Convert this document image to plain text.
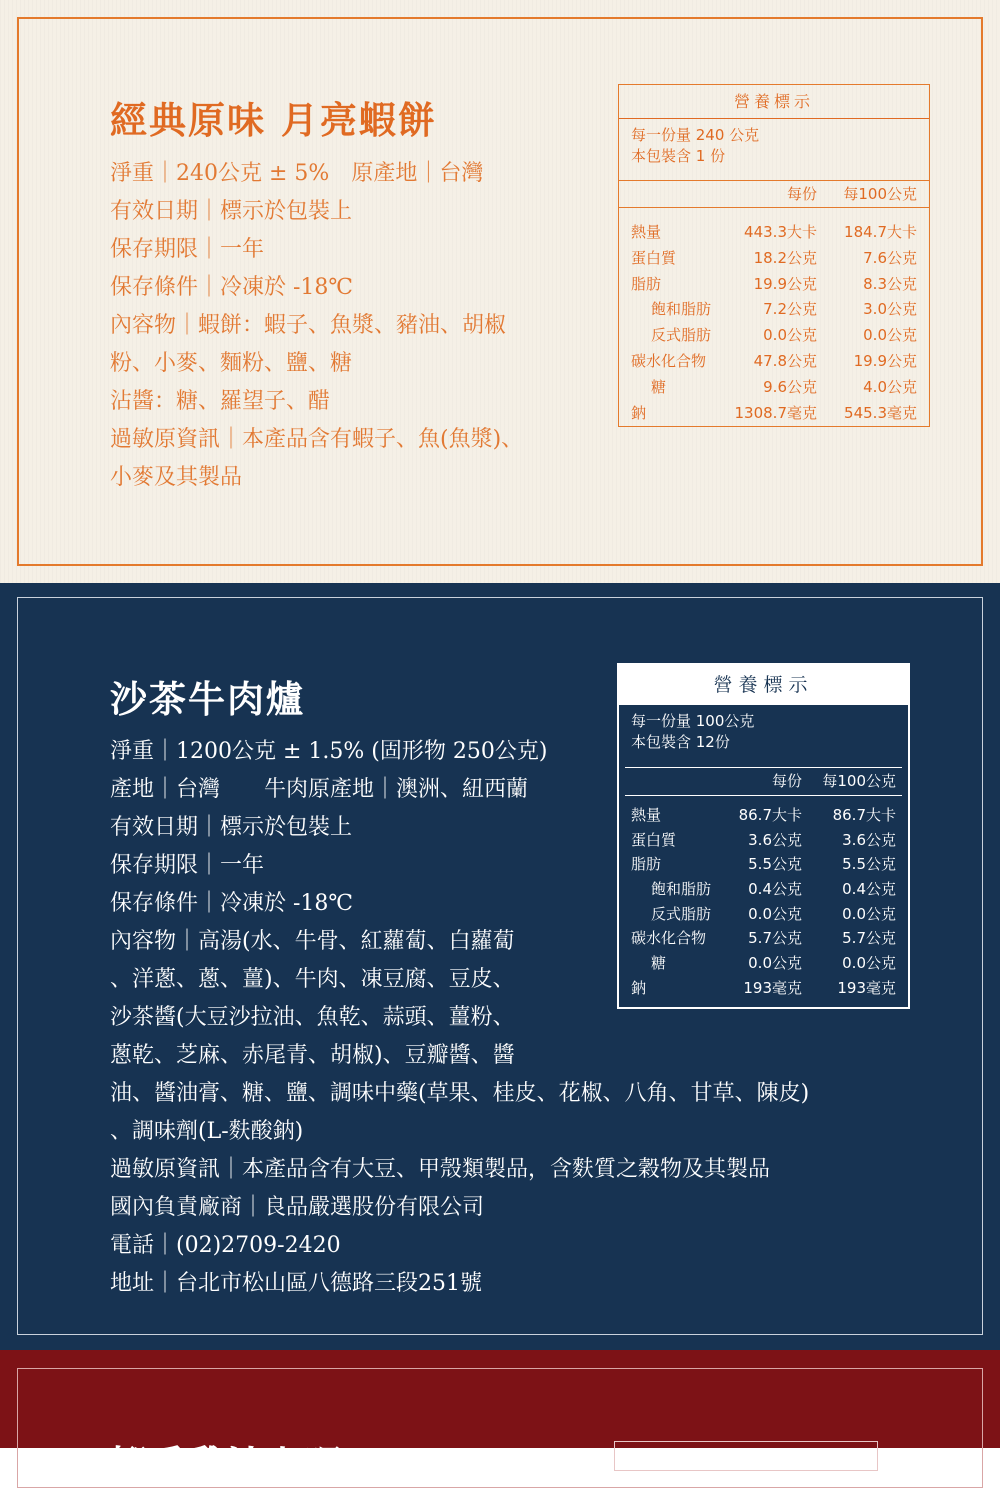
經典原味 月亮蝦餅
淨重｜240公克 ± 5%　原產地｜台灣
有效日期｜標示於包裝上
保存期限｜一年
保存條件｜冷凍於 -18℃
內容物｜蝦餅：蝦子、魚漿、豬油、胡椒
粉、小麥、麵粉、鹽、糖
沾醬：糖、羅望子、醋
過敏原資訊｜本產品含有蝦子、魚(魚漿)、
小麥及其製品
營養標示
每一份量 240 公克
本包裝含 1 份
每份	每100公克
熱量	443.3大卡	184.7大卡
蛋白質	18.2公克	7.6公克
脂肪	19.9公克	8.3公克
飽和脂肪	7.2公克	3.0公克
反式脂肪	0.0公克	0.0公克
碳水化合物	47.8公克	19.9公克
糖	9.6公克	4.0公克
鈉	1308.7毫克	545.3毫克
沙茶牛肉爐
淨重｜1200公克 ± 1.5% (固形物 250公克)
產地｜台灣　　牛肉原產地｜澳洲、紐西蘭
有效日期｜標示於包裝上
保存期限｜一年
保存條件｜冷凍於 -18℃
內容物｜高湯(水、牛骨、紅蘿蔔、白蘿蔔
、洋蔥、蔥、薑)、牛肉、凍豆腐、豆皮、
沙茶醬(大豆沙拉油、魚乾、蒜頭、薑粉、
蔥乾、芝麻、赤尾青、胡椒)、豆瓣醬、醬
油、醬油膏、糖、鹽、調味中藥(草果、桂皮、花椒、八角、甘草、陳皮)
、調味劑(L-麩酸鈉)
過敏原資訊｜本產品含有大豆、甲殼類製品，含麩質之穀物及其製品
國內負責廠商｜良品嚴選股份有限公司
電話｜(02)2709-2420
地址｜台北市松山區八德路三段251號
營養標示
每一份量 100公克
本包裝含 12份
每份	每100公克
熱量	86.7大卡	86.7大卡
蛋白質	3.6公克	3.6公克
脂肪	5.5公克	5.5公克
飽和脂肪	0.4公克	0.4公克
反式脂肪	0.0公克	0.0公克
碳水化合物	5.7公克	5.7公克
糖	0.0公克	0.0公克
鈉	193毫克	193毫克
椰香雞汁咖哩
